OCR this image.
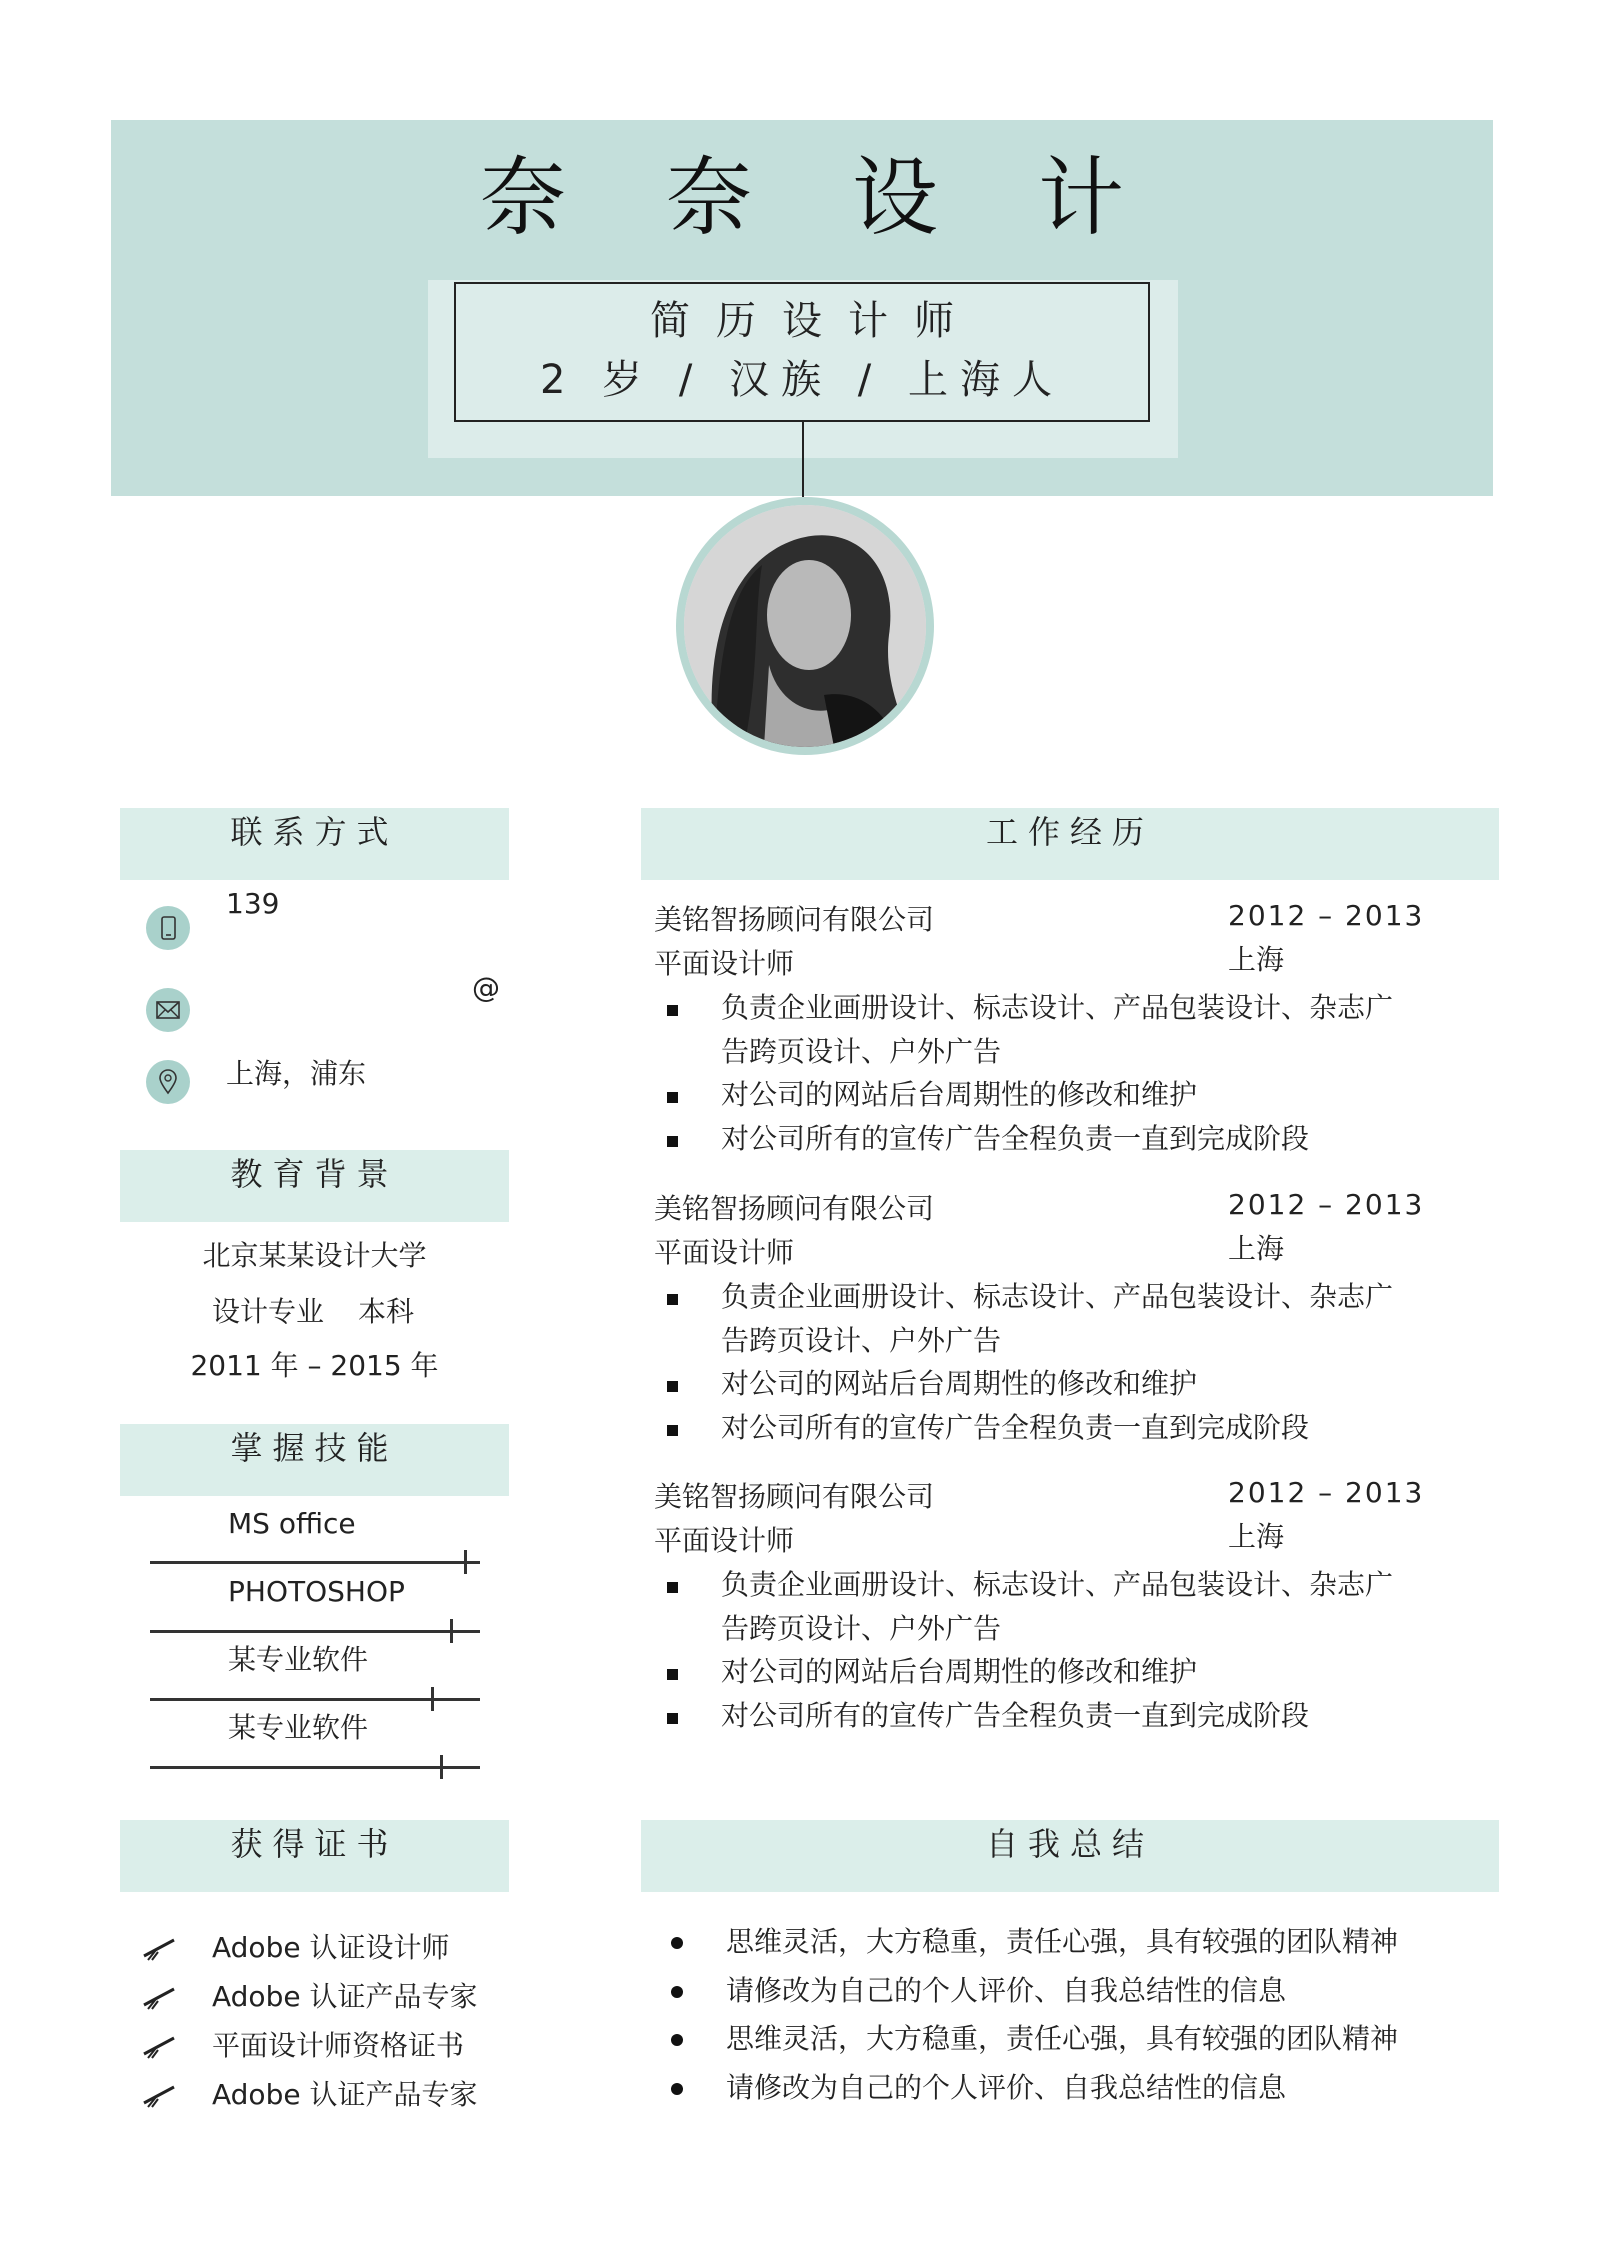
奈奈设计
简历设计师
2 岁 / 汉族 / 上海人
联系方式
139
@
上海，浦东
教育背景
北京某某设计大学
设计专业 本科
2011 年 – 2015 年
掌握技能
MS office
PHOTOSHOP
某专业软件
某专业软件
获得证书
Adobe 认证设计师
Adobe 认证产品专家
平面设计师资格证书
Adobe 认证产品专家
工作经历
美铭智扬顾问有限公司	2012 – 2013
平面设计师	上海
负责企业画册设计、标志设计、产品包装设计、杂志广
告跨页设计、户外广告
对公司的网站后台周期性的修改和维护
对公司所有的宣传广告全程负责一直到完成阶段
美铭智扬顾问有限公司	2012 – 2013
平面设计师	上海
负责企业画册设计、标志设计、产品包装设计、杂志广
告跨页设计、户外广告
对公司的网站后台周期性的修改和维护
对公司所有的宣传广告全程负责一直到完成阶段
美铭智扬顾问有限公司	2012 – 2013
平面设计师	上海
负责企业画册设计、标志设计、产品包装设计、杂志广
告跨页设计、户外广告
对公司的网站后台周期性的修改和维护
对公司所有的宣传广告全程负责一直到完成阶段
自我总结
思维灵活，大方稳重，责任心强，具有较强的团队精神
请修改为自己的个人评价、自我总结性的信息
思维灵活，大方稳重，责任心强，具有较强的团队精神
请修改为自己的个人评价、自我总结性的信息
